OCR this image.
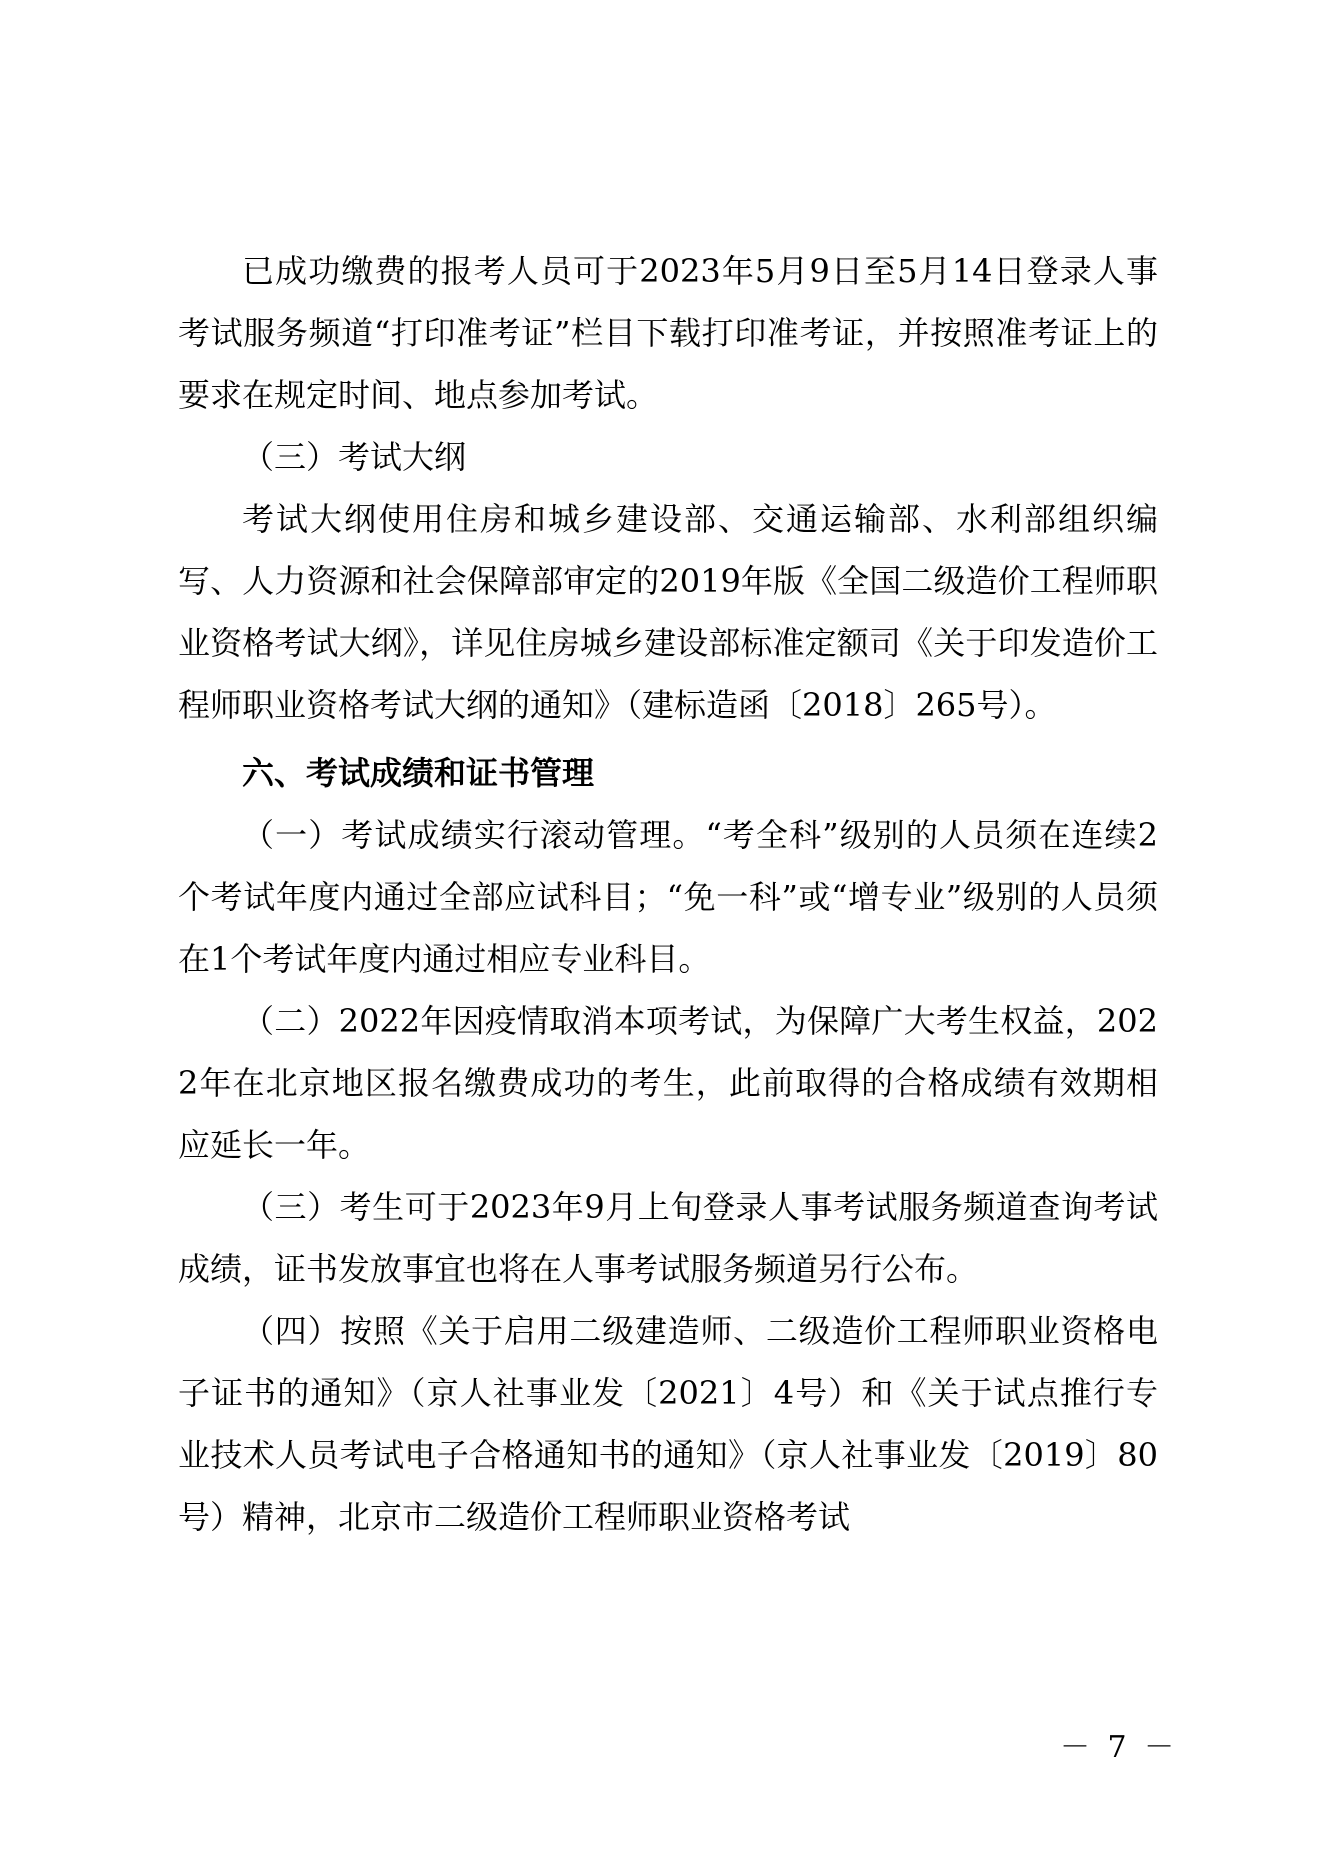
已成功缴费的报考人员可于2023年5月9日至5月14日登录人事考试服务频道“打印准考证”栏目下载打印准考证，并按照准考证上的要求在规定时间、地点参加考试。

（三）考试大纲

考试大纲使用住房和城乡建设部、交通运输部、水利部组织编写、人力资源和社会保障部审定的2019年版《全国二级造价工程师职业资格考试大纲》，详见住房城乡建设部标准定额司《关于印发造价工程师职业资格考试大纲的通知》（建标造函〔2018〕265号）。

六、考试成绩和证书管理

（一）考试成绩实行滚动管理。“考全科”级别的人员须在连续2个考试年度内通过全部应试科目；“免一科”或“增专业”级别的人员须在1个考试年度内通过相应专业科目。

（二）2022年因疫情取消本项考试，为保障广大考生权益，2022年在北京地区报名缴费成功的考生，此前取得的合格成绩有效期相应延长一年。

（三）考生可于2023年9月上旬登录人事考试服务频道查询考试成绩，证书发放事宜也将在人事考试服务频道另行公布。

（四）按照《关于启用二级建造师、二级造价工程师职业资格电子证书的通知》（京人社事业发〔2021〕4号）和《关于试点推行专业技术人员考试电子合格通知书的通知》（京人社事业发〔2019〕80号）精神，北京市二级造价工程师职业资格考试

－ 7 －
